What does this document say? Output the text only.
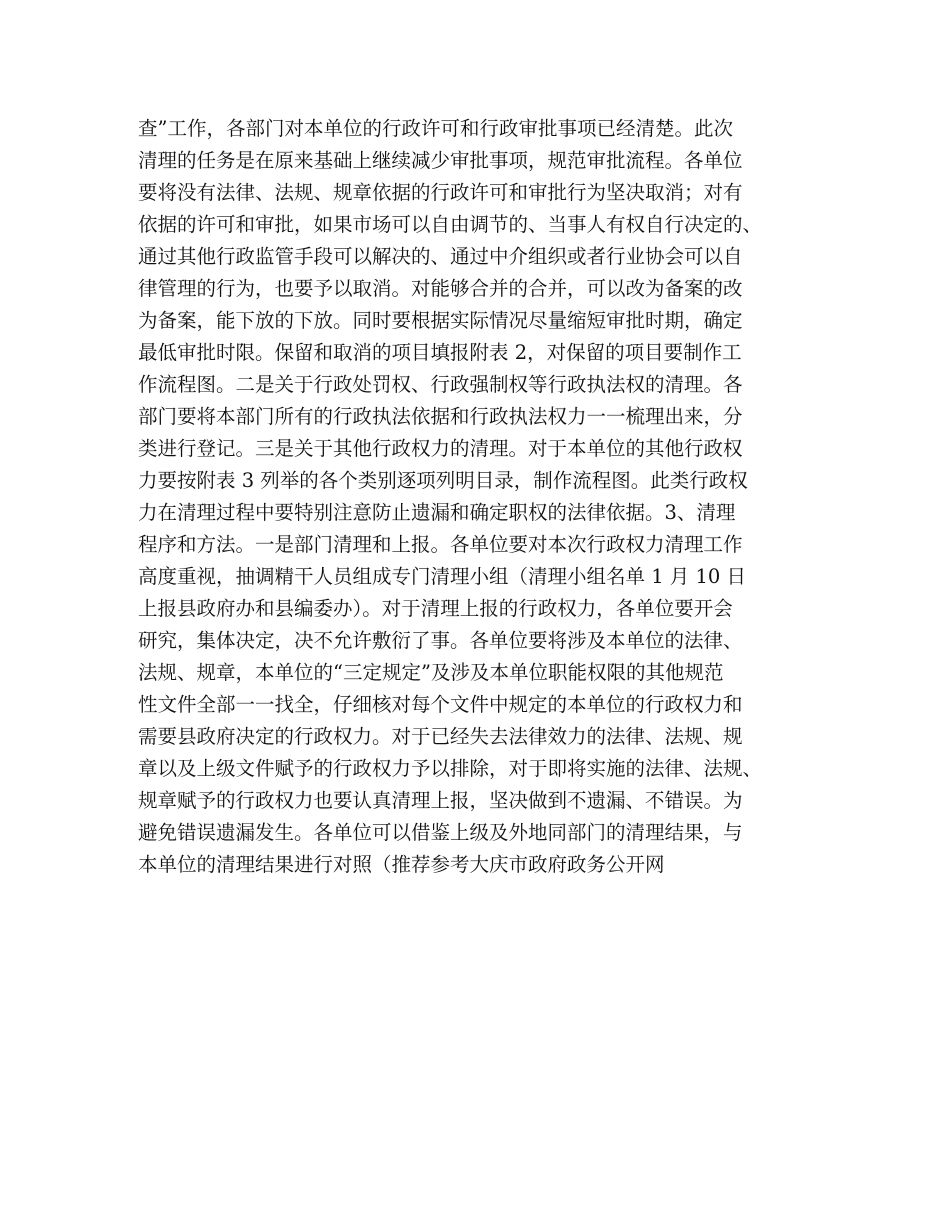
查”工作，各部门对本单位的行政许可和行政审批事项已经清楚。此次
清理的任务是在原来基础上继续减少审批事项，规范审批流程。各单位
要将没有法律、法规、规章依据的行政许可和审批行为坚决取消；对有
依据的许可和审批，如果市场可以自由调节的、当事人有权自行决定的、
通过其他行政监管手段可以解决的、通过中介组织或者行业协会可以自
律管理的行为，也要予以取消。对能够合并的合并，可以改为备案的改
为备案，能下放的下放。同时要根据实际情况尽量缩短审批时期，确定
最低审批时限。保留和取消的项目填报附表 2，对保留的项目要制作工
作流程图。二是关于行政处罚权、行政强制权等行政执法权的清理。各
部门要将本部门所有的行政执法依据和行政执法权力一一梳理出来，分
类进行登记。三是关于其他行政权力的清理。对于本单位的其他行政权
力要按附表 3 列举的各个类别逐项列明目录，制作流程图。此类行政权
力在清理过程中要特别注意防止遗漏和确定职权的法律依据。3、清理
程序和方法。一是部门清理和上报。各单位要对本次行政权力清理工作
高度重视，抽调精干人员组成专门清理小组（清理小组名单 1 月 10 日
上报县政府办和县编委办）。对于清理上报的行政权力，各单位要开会
研究，集体决定，决不允许敷衍了事。各单位要将涉及本单位的法律、
法规、规章，本单位的“三定规定”及涉及本单位职能权限的其他规范
性文件全部一一找全，仔细核对每个文件中规定的本单位的行政权力和
需要县政府决定的行政权力。对于已经失去法律效力的法律、法规、规
章以及上级文件赋予的行政权力予以排除，对于即将实施的法律、法规、
规章赋予的行政权力也要认真清理上报，坚决做到不遗漏、不错误。为
避免错误遗漏发生。各单位可以借鉴上级及外地同部门的清理结果，与
本单位的清理结果进行对照（推荐参考大庆市政府政务公开网
